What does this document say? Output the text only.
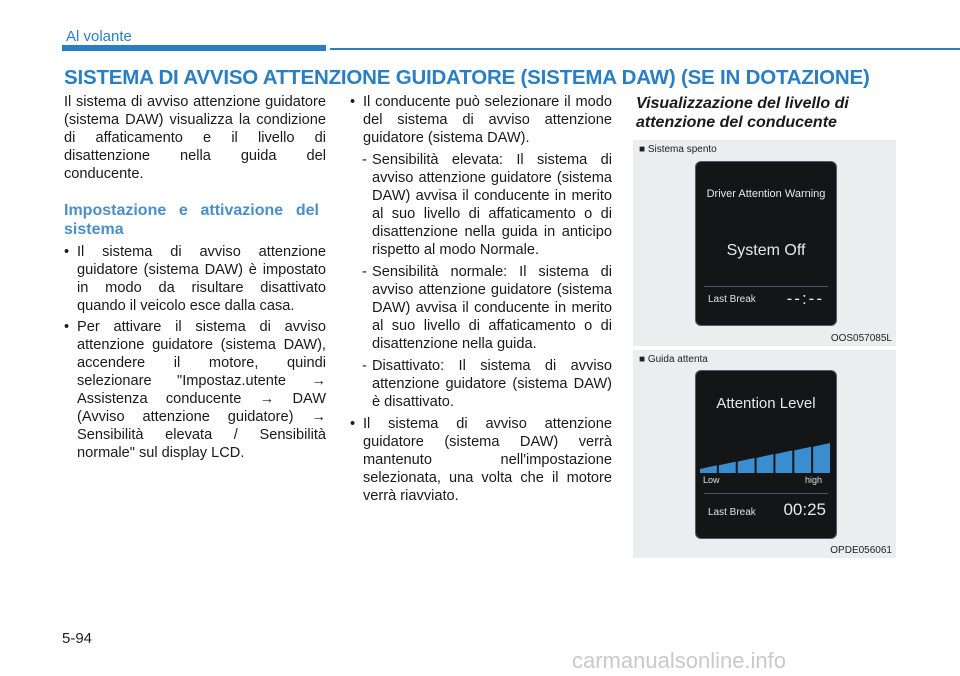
Al volante
SISTEMA DI AVVISO ATTENZIONE GUIDATORE (SISTEMA DAW) (SE IN DOTAZIONE)

Il sistema di avviso attenzione guidatore (sistema DAW) visualizza la condizione di affaticamento e il livello di disattenzione nella guida del conducente.

Impostazione e attivazione del sistema

• Il sistema di avviso attenzione guidatore (sistema DAW) è impostato in modo da risultare disattivato quando il veicolo esce dalla casa.

• Per attivare il sistema di avviso attenzione guidatore (sistema DAW), accendere il motore, quindi selezionare "Impostaz.utente → Assistenza conducente → DAW (Avviso attenzione guidatore) → Sensibilità elevata / Sensibilità normale" sul display LCD.

• Il conducente può selezionare il modo del sistema di avviso attenzione guidatore (sistema DAW).

- Sensibilità elevata: Il sistema di avviso attenzione guidatore (sistema DAW) avvisa il conducente in merito al suo livello di affaticamento o di disattenzione nella guida in anticipo rispetto al modo Normale.

- Sensibilità normale: Il sistema di avviso attenzione guidatore (sistema DAW) avvisa il conducente in merito al suo livello di affaticamento o di disattenzione nella guida.

- Disattivato: Il sistema di avviso attenzione guidatore (sistema DAW) è disattivato.

• Il sistema di avviso attenzione guidatore (sistema DAW) verrà mantenuto nell'impostazione selezionata, una volta che il motore verrà riavviato.

Visualizzazione del livello di attenzione del conducente
■ Sistema spento
Driver Attention Warning
System Off
Last Break --:--
OOS057085L
■ Guida attenta
Attention Level
Low	high
Last Break 00:25
OPDE056061
5-94
carmanualsonline.info
